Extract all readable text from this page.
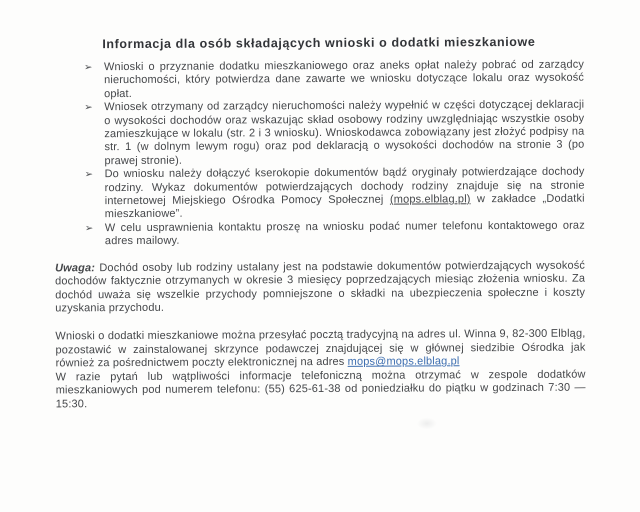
Informacja dla osób składających wnioski o dodatki mieszkaniowe
➢	Wnioski o przyznanie dodatku mieszkaniowego oraz aneks opłat należy pobrać od zarządcy nieruchomości, który potwierdza dane zawarte we wniosku dotyczące lokalu oraz wysokość opłat.
➢	Wniosek otrzymany od zarządcy nieruchomości należy wypełnić w części dotyczącej deklaracji o wysokości dochodów oraz wskazując skład osobowy rodziny uwzględniając wszystkie osoby zamieszkujące w lokalu (str. 2 i 3 wniosku). Wnioskodawca zobowiązany jest złożyć podpisy na str. 1 (w dolnym lewym rogu) oraz pod deklaracją o wysokości dochodów na stronie 3 (po prawej stronie).
➢	Do wniosku należy dołączyć kserokopie dokumentów bądź oryginały potwierdzające dochody rodziny. Wykaz dokumentów potwierdzających dochody rodziny znajduje się na stronie internetowej Miejskiego Ośrodka Pomocy Społecznej (mops.elblag.pl) w zakładce „Dodatki mieszkaniowe”.
➢	W celu usprawnienia kontaktu proszę na wniosku podać numer telefonu kontaktowego oraz adres mailowy.

Uwaga: Dochód osoby lub rodziny ustalany jest na podstawie dokumentów potwierdzających wysokość dochodów faktycznie otrzymanych w okresie 3 miesięcy poprzedzających miesiąc złożenia wniosku. Za dochód uważa się wszelkie przychody pomniejszone o składki na ubezpieczenia społeczne i koszty uzyskania przychodu.

Wnioski o dodatki mieszkaniowe można przesyłać pocztą tradycyjną na adres ul. Winna 9, 82-300 Elbląg, pozostawić w zainstalowanej skrzynce podawczej znajdującej się w głównej siedzibie Ośrodka jak również za pośrednictwem poczty elektronicznej na adres mops@mops.elblag.pl

W razie pytań lub wątpliwości informacje telefoniczną można otrzymać w zespole dodatków mieszkaniowych pod numerem telefonu: (55) 625-61-38 od poniedziałku do piątku w godzinach 7:30 — 15:30.
